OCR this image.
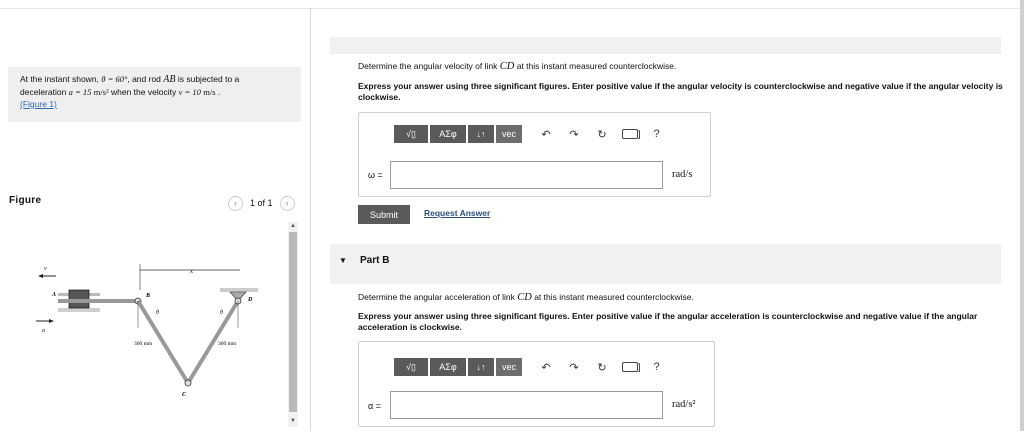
At the instant shown, θ = 60°, and rod AB is subjected to a
deceleration a = 15 m/s² when the velocity v = 10 m/s .
(Figure 1)
Figure	‹ 1 of 1 ›
x
v
a
A	B
C
D
θ	θ
300 mm	300 mm
▲
▼
Determine the angular velocity of link CD at this instant measured counterclockwise.
Express your answer using three significant figures. Enter positive value if the angular velocity is counterclockwise and negative value if the angular velocity is clockwise.
√▯	ΑΣφ ↓↑ vec ↶ ↷ ↻	] ?
ω =	rad/s
Submit	Request Answer
▼ Part B
Determine the angular acceleration of link CD at this instant measured counterclockwise.
Express your answer using three significant figures. Enter positive value if the angular acceleration is counterclockwise and negative value if the angular acceleration is clockwise.
√▯	ΑΣφ ↓↑ vec ↶ ↷ ↻	] ?
α =	rad/s²
